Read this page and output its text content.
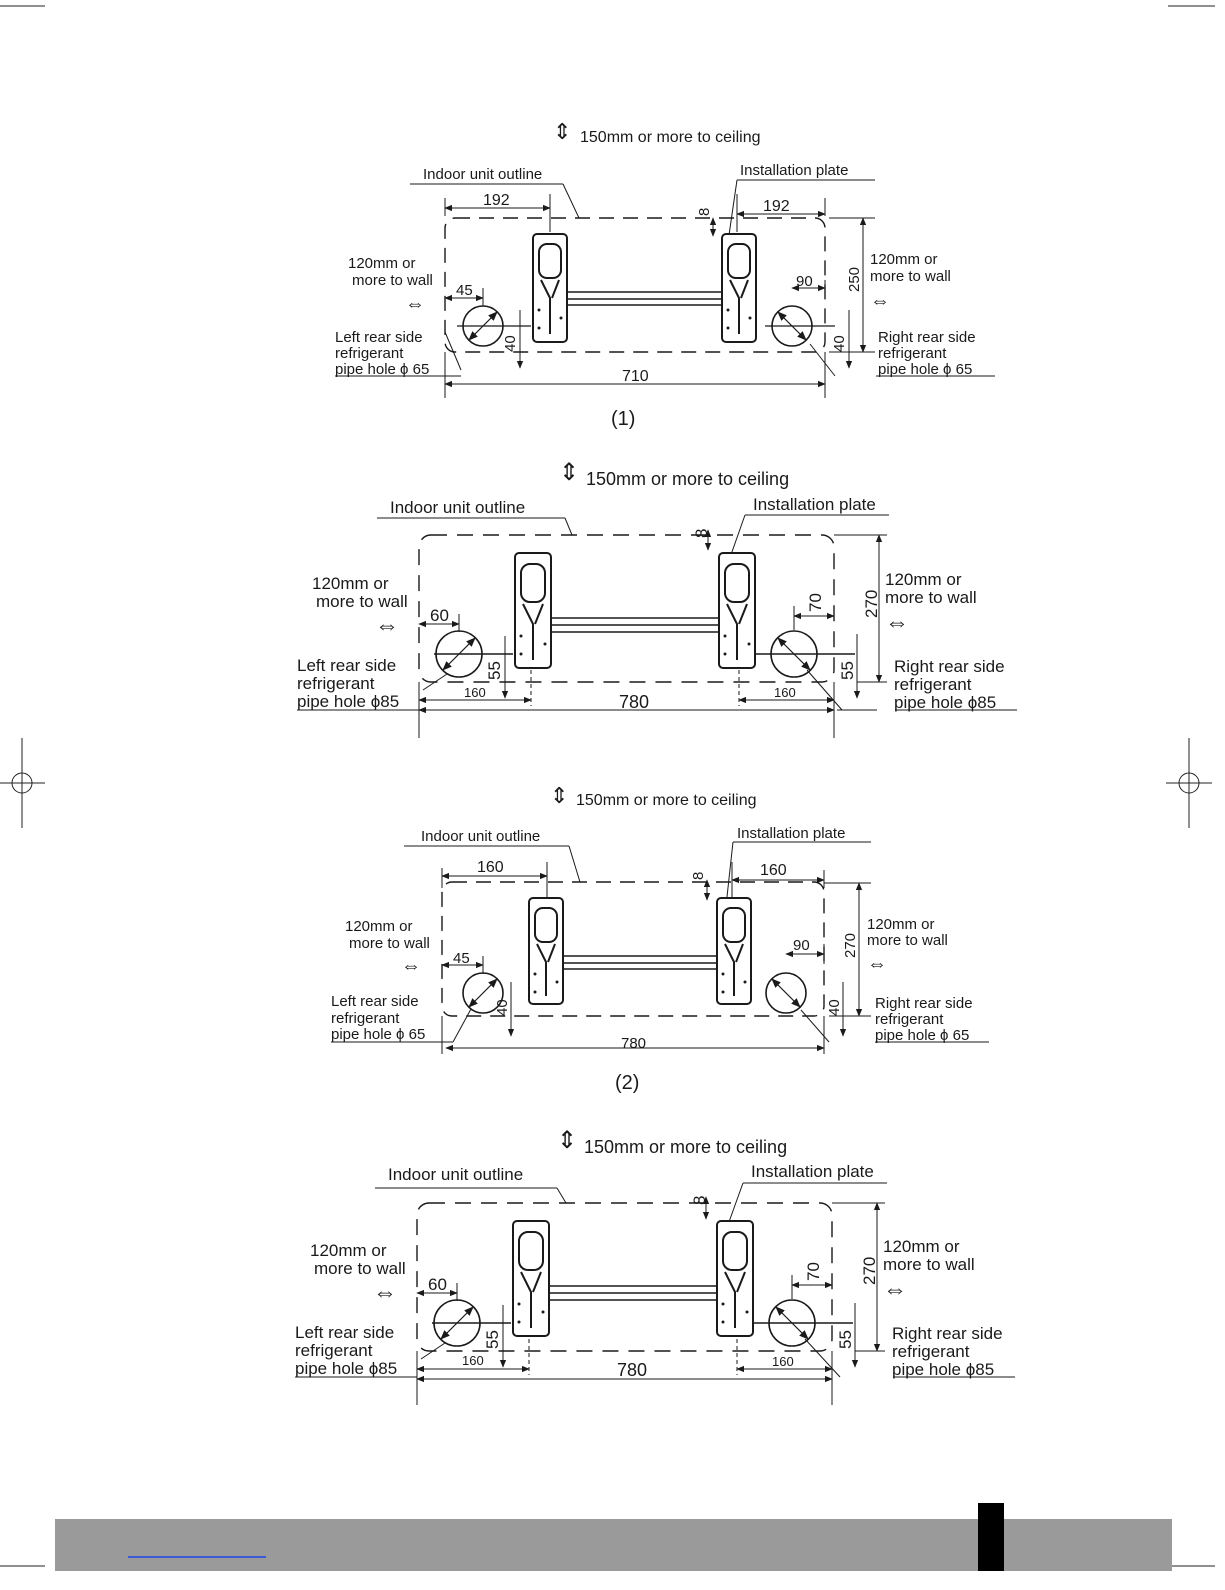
⇕ 150mm or more to ceiling
Indoor unit outline	Installation plate
192	192
8
250
45
90
40	40
710
120mm or
more to wall
⇔
120mm or
more to wall
⇔
Left rear side
refrigerant
pipe hole ϕ 65
Right rear side
refrigerant
pipe hole ϕ 65
(1)
⇕ 150mm or more to ceiling
Indoor unit outline	Installation plate
8
270
60
70
55	55
160	160
780
120mm or
more to wall
⇔
120mm or
more to wall
⇔
Left rear side
refrigerant
pipe hole ϕ85
Right rear side
refrigerant
pipe hole ϕ85
⇕ 150mm or more to ceiling
Indoor unit outline	Installation plate
160	160
8
270
45
90
40	40
780
120mm or
more to wall
⇔
120mm or
more to wall
⇔
Left rear side
refrigerant
pipe hole ϕ 65
Right rear side
refrigerant
pipe hole ϕ 65
(2)
⇕ 150mm or more to ceiling
Indoor unit outline	Installation plate
8
270
60
70
55	55
160	160
780
120mm or
more to wall
⇔
120mm or
more to wall
⇔
Left rear side
refrigerant
pipe hole ϕ85
Right rear side
refrigerant
pipe hole ϕ85
